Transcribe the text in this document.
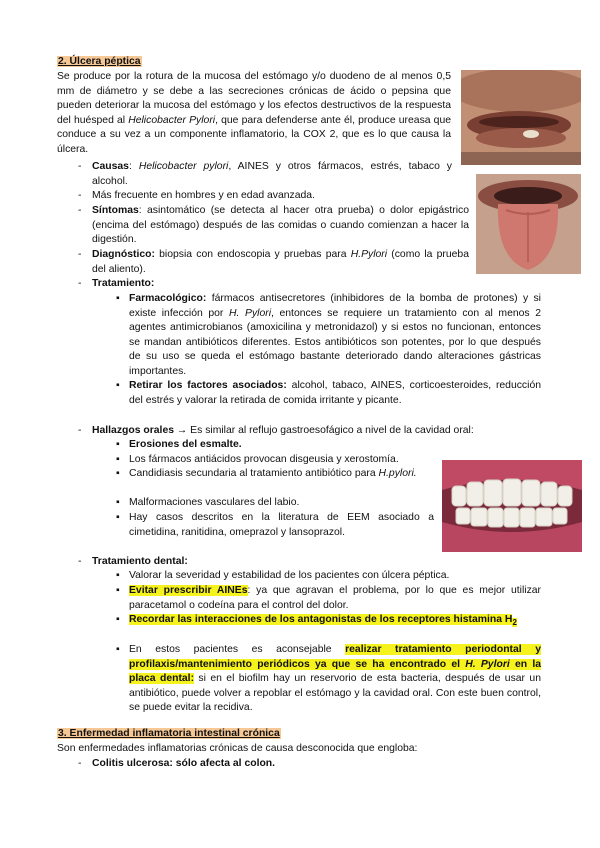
2. Úlcera péptica
Se produce por la rotura de la mucosa del estómago y/o duodeno de al menos 0,5 mm de diámetro y se debe a las secreciones crónicas de ácido o pepsina que pueden deteriorar la mucosa del estómago y los efectos destructivos de la respuesta del huésped al Helicobacter Pylori, que para defenderse ante él, produce ureasa que conduce a su vez a un componente inflamatorio, la COX 2, que es lo que causa la úlcera.
- Causas: Helicobacter pylori, AINES y otros fármacos, estrés, tabaco y alcohol.
- Más frecuente en hombres y en edad avanzada.
- Síntomas: asintomático (se detecta al hacer otra prueba) o dolor epigástrico (encima del estómago) después de las comidas o cuando comienzan a hacer la digestión.
- Diagnóstico: biopsia con endoscopia y pruebas para H.Pylori (como la prueba del aliento).
- Tratamiento:
▪ Farmacológico: fármacos antisecretores (inhibidores de la bomba de protones) y si existe infección por H. Pylori, entonces se requiere un tratamiento con al menos 2 agentes antimicrobianos (amoxicilina y metronidazol) y si estos no funcionan, entonces se mandan antibióticos diferentes. Estos antibióticos son potentes, por lo que después de su uso se queda el estómago bastante deteriorado dando alteraciones gástricas importantes.
▪ Retirar los factores asociados: alcohol, tabaco, AINES, corticoesteroides, reducción del estrés y valorar la retirada de comida irritante y picante.
- Hallazgos orales → Es similar al reflujo gastroesofágico a nivel de la cavidad oral:
▪ Erosiones del esmalte.
▪ Los fármacos antiácidos provocan disgeusia y xerostomía.
▪ Candidiasis secundaria al tratamiento antibiótico para H.pylori.
▪ Malformaciones vasculares del labio.
▪ Hay casos descritos en la literatura de EEM asociado a cimetidina, ranitidina, omeprazol y lansoprazol.
- Tratamiento dental:
▪ Valorar la severidad y estabilidad de los pacientes con úlcera péptica.
▪ Evitar prescribir AINEs: ya que agravan el problema, por lo que es mejor utilizar paracetamol o codeína para el control del dolor.
▪ Recordar las interacciones de los antagonistas de los receptores histamina $H_2$
▪ En estos pacientes es aconsejable realizar tratamiento periodontal y profilaxis/mantenimiento periódicos ya que se ha encontrado el H. Pylori en la placa dental: si en el biofilm hay un reservorio de esta bacteria, después de usar un antibiótico, puede volver a repoblar el estómago y la cavidad oral. Con este buen control, se puede evitar la recidiva.
3. Enfermedad inflamatoria intestinal crónica
Son enfermedades inflamatorias crónicas de causa desconocida que engloba:
- Colitis ulcerosa: sólo afecta al colon.
